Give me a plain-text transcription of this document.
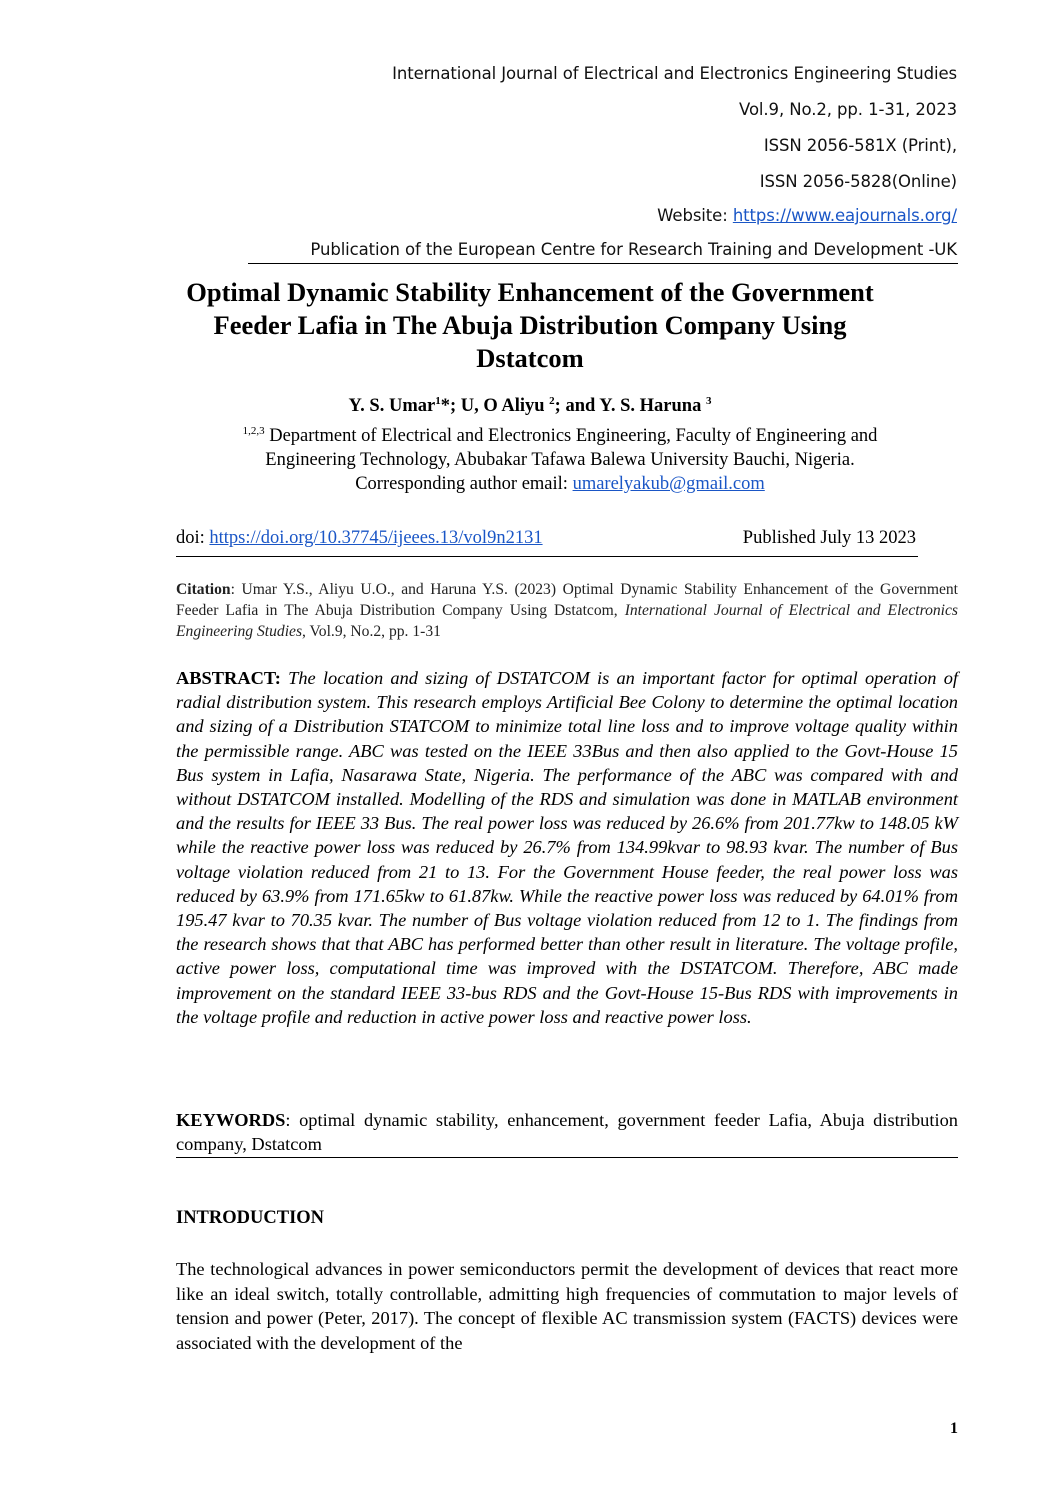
International Journal of Electrical and Electronics Engineering Studies
Vol.9, No.2, pp. 1-31, 2023
ISSN 2056-581X (Print),
ISSN 2056-5828(Online)
Website: https://www.eajournals.org/
Publication of the European Centre for Research Training and Development -UK
Optimal Dynamic Stability Enhancement of the Government
Feeder Lafia in The Abuja Distribution Company Using
Dstatcom
Y. S. Umar$^1$*; U, O Aliyu $^2$; and Y. S. Haruna $^3$
$^{1,2,3}$ Department of Electrical and Electronics Engineering, Faculty of Engineering and
Engineering Technology, Abubakar Tafawa Balewa University Bauchi, Nigeria.
Corresponding author email: umarelyakub@gmail.com
doi: https://doi.org/10.37745/ijeees.13/vol9n2131	Published July 13 2023
Citation: Umar Y.S., Aliyu U.O., and Haruna Y.S. (2023) Optimal Dynamic Stability Enhancement of the Government Feeder Lafia in The Abuja Distribution Company Using Dstatcom, International Journal of Electrical and Electronics Engineering Studies, Vol.9, No.2, pp. 1-31
ABSTRACT: The location and sizing of DSTATCOM is an important factor for optimal operation of radial distribution system. This research employs Artificial Bee Colony to determine the optimal location and sizing of a Distribution STATCOM to minimize total line loss and to improve voltage quality within the permissible range. ABC was tested on the IEEE 33Bus and then also applied to the Govt-House 15 Bus system in Lafia, Nasarawa State, Nigeria. The performance of the ABC was compared with and without DSTATCOM installed. Modelling of the RDS and simulation was done in MATLAB environment and the results for IEEE 33 Bus. The real power loss was reduced by 26.6% from 201.77kw to 148.05 kW while the reactive power loss was reduced by 26.7% from 134.99kvar to 98.93 kvar. The number of Bus voltage violation reduced from 21 to 13. For the Government House feeder, the real power loss was reduced by 63.9% from 171.65kw to 61.87kw. While the reactive power loss was reduced by 64.01% from 195.47 kvar to 70.35 kvar. The number of Bus voltage violation reduced from 12 to 1. The findings from the research shows that that ABC has performed better than other result in literature. The voltage profile, active power loss, computational time was improved with the DSTATCOM. Therefore, ABC made improvement on the standard IEEE 33-bus RDS and the Govt-House 15-Bus RDS with improvements in the voltage profile and reduction in active power loss and reactive power loss.
KEYWORDS: optimal dynamic stability, enhancement, government feeder Lafia, Abuja distribution company, Dstatcom
INTRODUCTION
The technological advances in power semiconductors permit the development of devices that react more like an ideal switch, totally controllable, admitting high frequencies of commutation to major levels of tension and power (Peter, 2017). The concept of flexible AC transmission system (FACTS) devices were associated with the development of the
1
